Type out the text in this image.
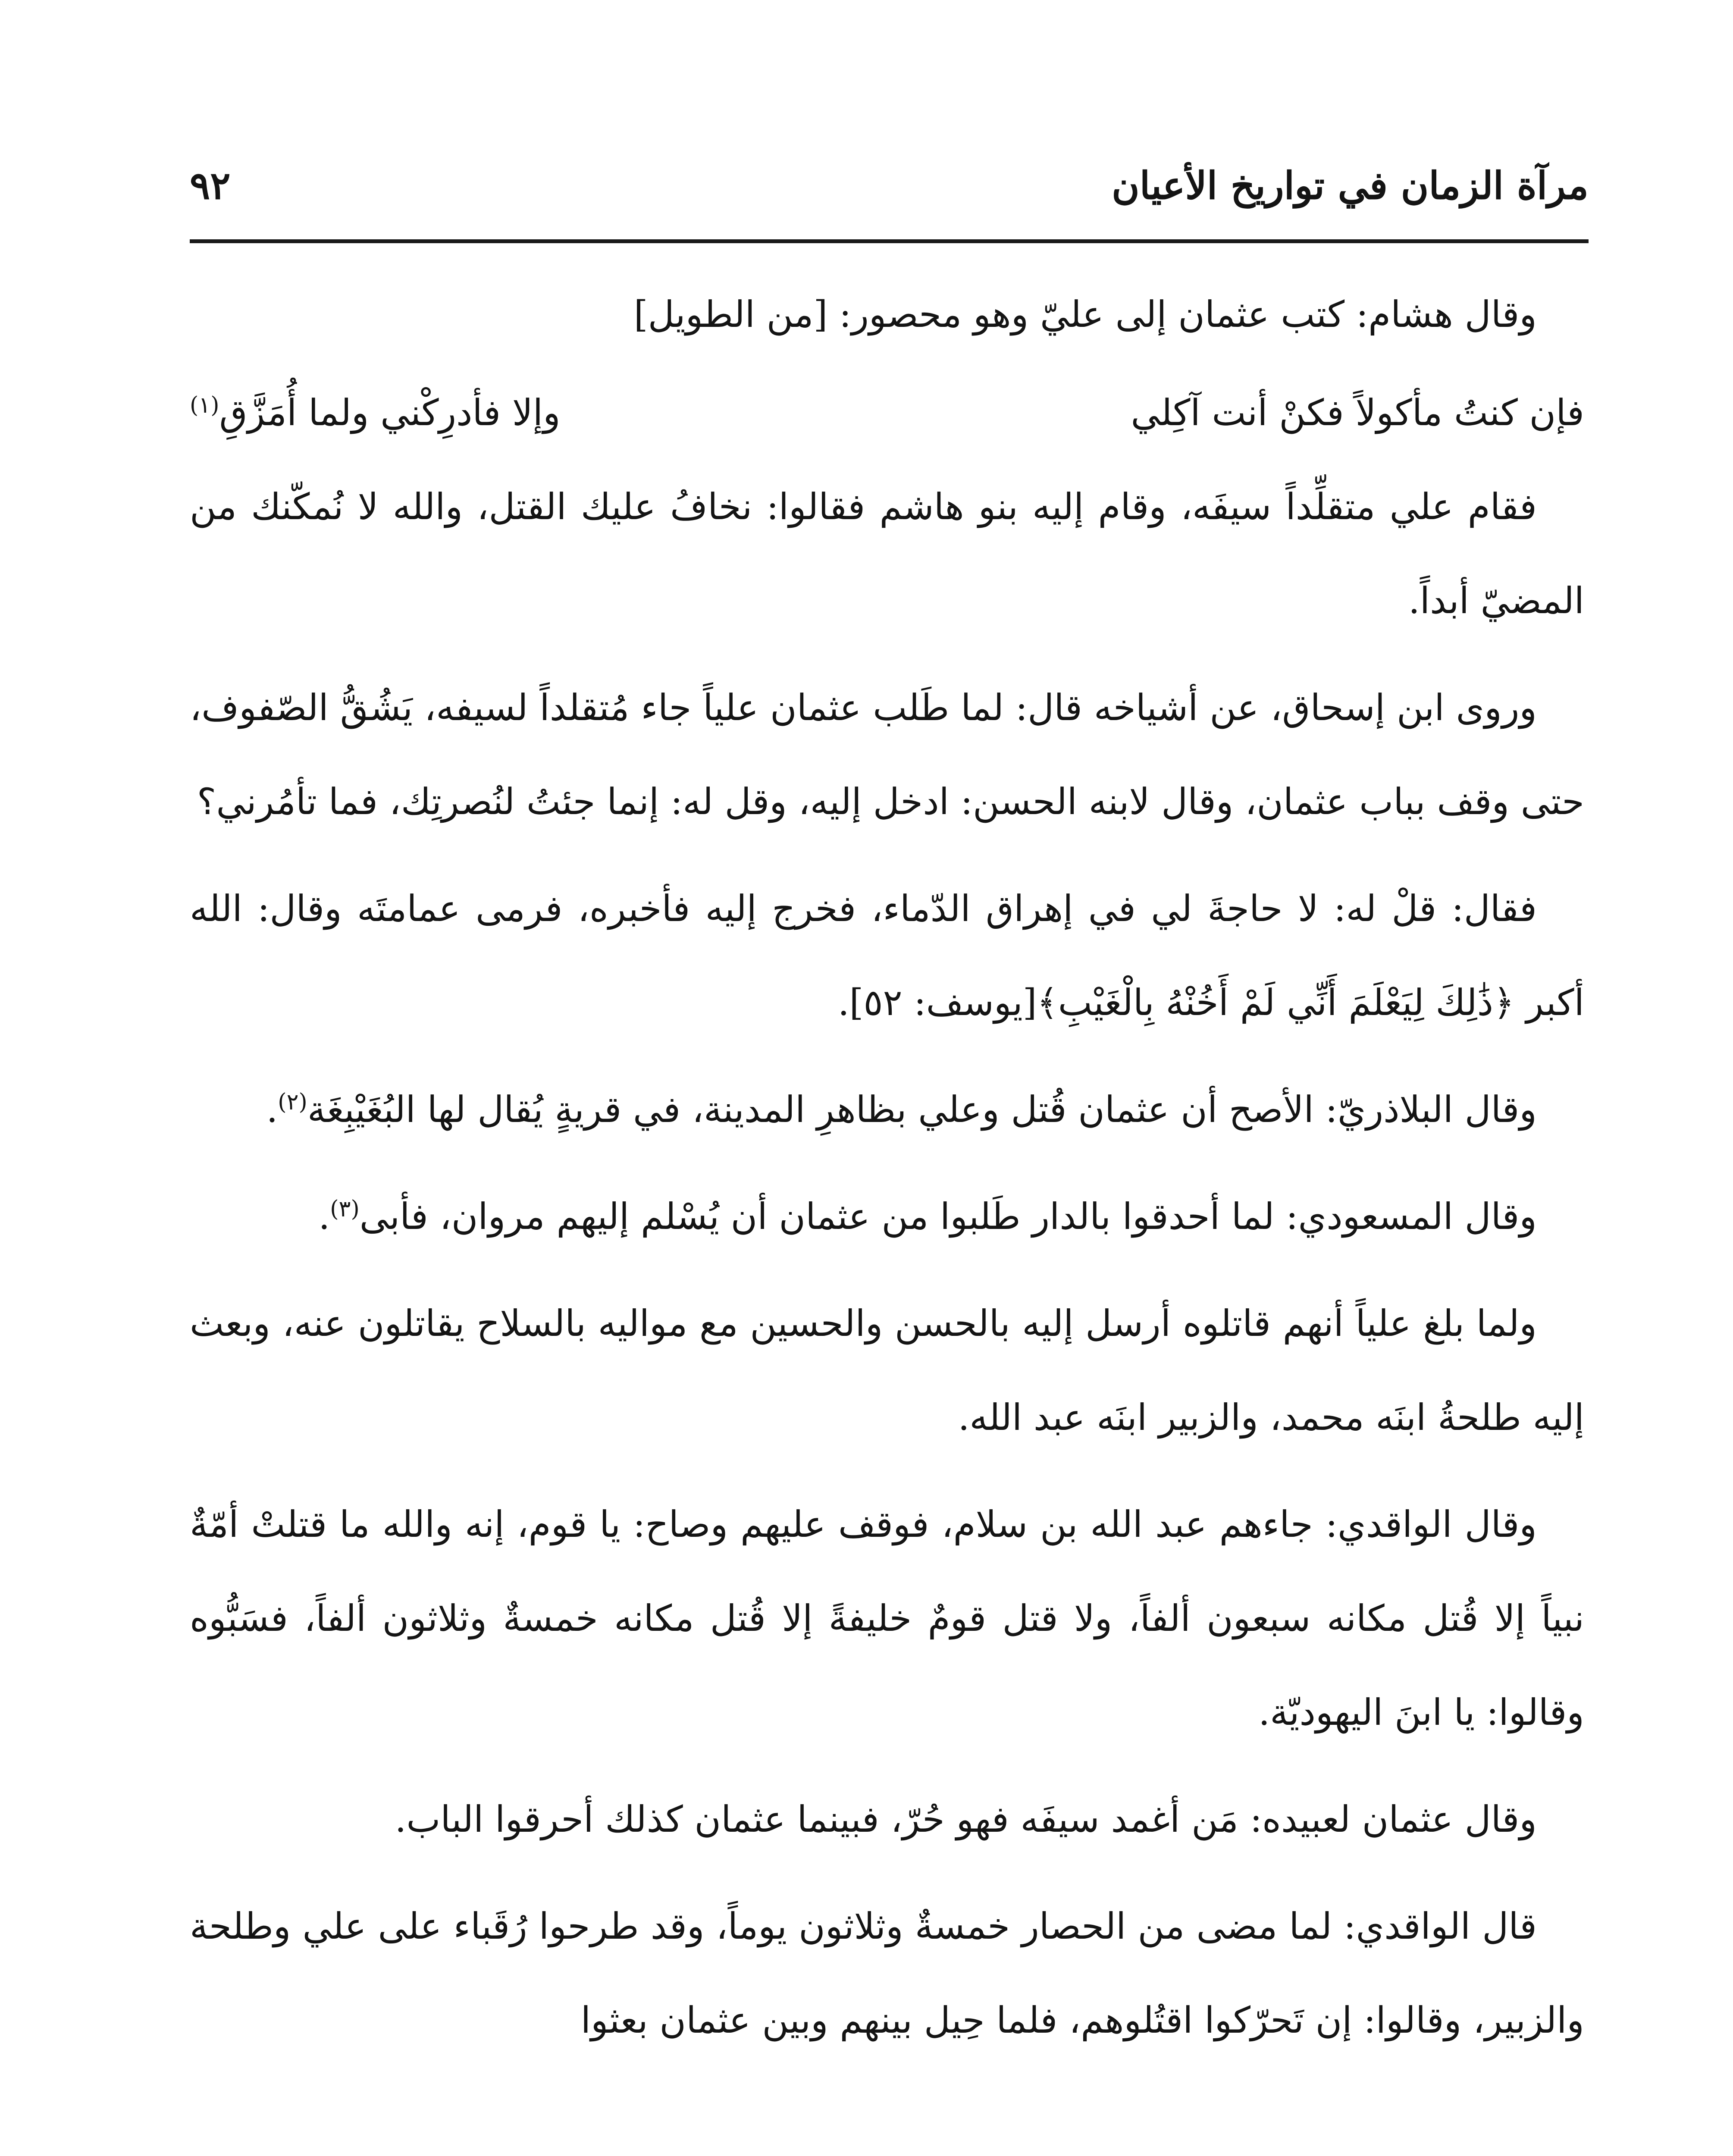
مرآة الزمان في تواريخ الأعيان
٩٢

وقال هشام: كتب عثمان إلى عليّ وهو محصور: [من الطويل]

فإن كنتُ مأكولاً فكنْ أنت آكِلي
وإلا فأدرِكْني ولما أُمَزَّقِ$^{(١)}$

فقام علي متقلِّداً سيفَه، وقام إليه بنو هاشم فقالوا: نخافُ عليك القتل، والله لا نُمكّنك من المضيّ أبداً.

وروى ابن إسحاق، عن أشياخه قال: لما طَلب عثمان علياً جاء مُتقلداً لسيفه، يَشُقُّ الصّفوف، حتى وقف بباب عثمان، وقال لابنه الحسن: ادخل إليه، وقل له: إنما جئتُ لنُصرتِك، فما تأمُرني؟

فقال: قلْ له: لا حاجةَ لي في إهراق الدّماء، فخرج إليه فأخبره، فرمى عمامتَه وقال: الله أكبر ﴿ذَٰلِكَ لِيَعْلَمَ أَنِّي لَمْ أَخُنْهُ بِالْغَيْبِ﴾[يوسف: ٥٢].

وقال البلاذريّ: الأصح أن عثمان قُتل وعلي بظاهرِ المدينة، في قريةٍ يُقال لها البُغَيْبِغَة$^{(٢)}$.

وقال المسعودي: لما أحدقوا بالدار طَلبوا من عثمان أن يُسْلم إليهم مروان، فأبى$^{(٣)}$.

ولما بلغ علياً أنهم قاتلوه أرسل إليه بالحسن والحسين مع مواليه بالسلاح يقاتلون عنه، وبعث إليه طلحةُ ابنَه محمد، والزبير ابنَه عبد الله.

وقال الواقدي: جاءهم عبد الله بن سلام، فوقف عليهم وصاح: يا قوم، إنه والله ما قتلتْ أمّةٌ نبياً إلا قُتل مكانه سبعون ألفاً، ولا قتل قومٌ خليفةً إلا قُتل مكانه خمسةٌ وثلاثون ألفاً، فسَبُّوه وقالوا: يا ابنَ اليهوديّة.

وقال عثمان لعبيده: مَن أغمد سيفَه فهو حُرّ، فبينما عثمان كذلك أحرقوا الباب.

قال الواقدي: لما مضى من الحصار خمسةٌ وثلاثون يوماً، وقد طرحوا رُقَباء على علي وطلحة والزبير، وقالوا: إن تَحرّكوا اقتُلوهم، فلما حِيل بينهم وبين عثمان بعثوا
